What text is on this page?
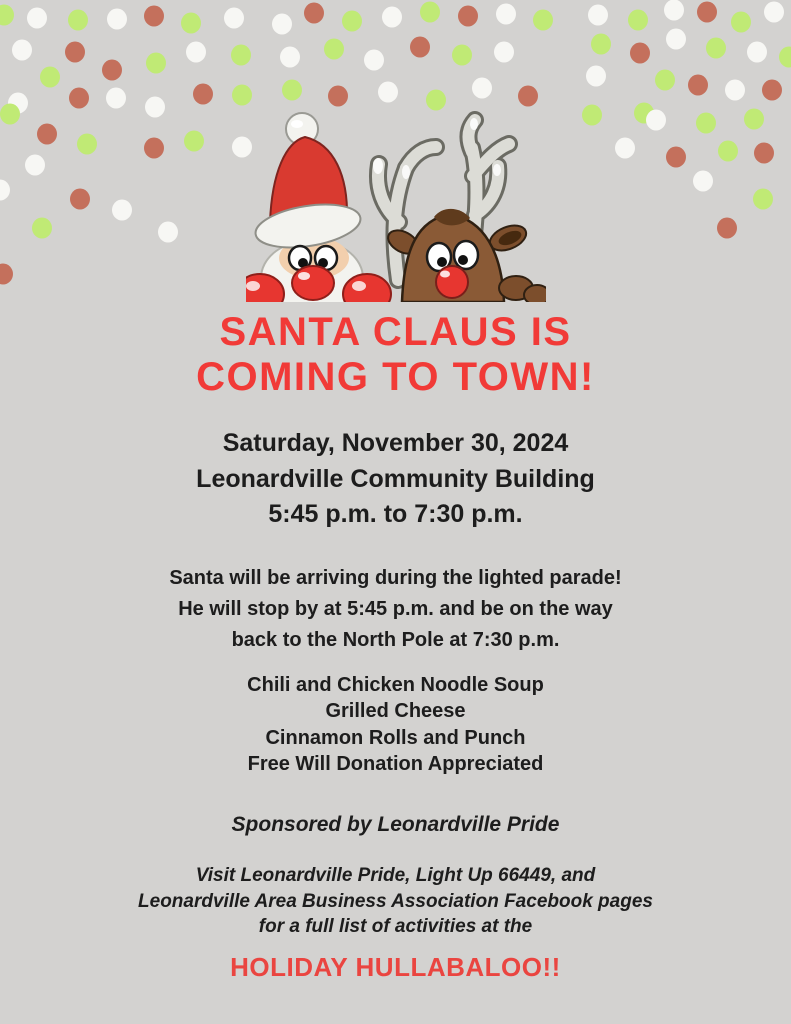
SANTA CLAUS IS
COMING TO TOWN!
Saturday, November 30, 2024
Leonardville Community Building
5:45 p.m. to 7:30 p.m.
Santa will be arriving during the lighted parade!
He will stop by at 5:45 p.m. and be on the way
back to the North Pole at 7:30 p.m.
Chili and Chicken Noodle Soup
Grilled Cheese
Cinnamon Rolls and Punch
Free Will Donation Appreciated
Sponsored by Leonardville Pride
Visit Leonardville Pride, Light Up 66449, and
Leonardville Area Business Association Facebook pages
for a full list of activities at the
HOLIDAY HULLABALOO!!
